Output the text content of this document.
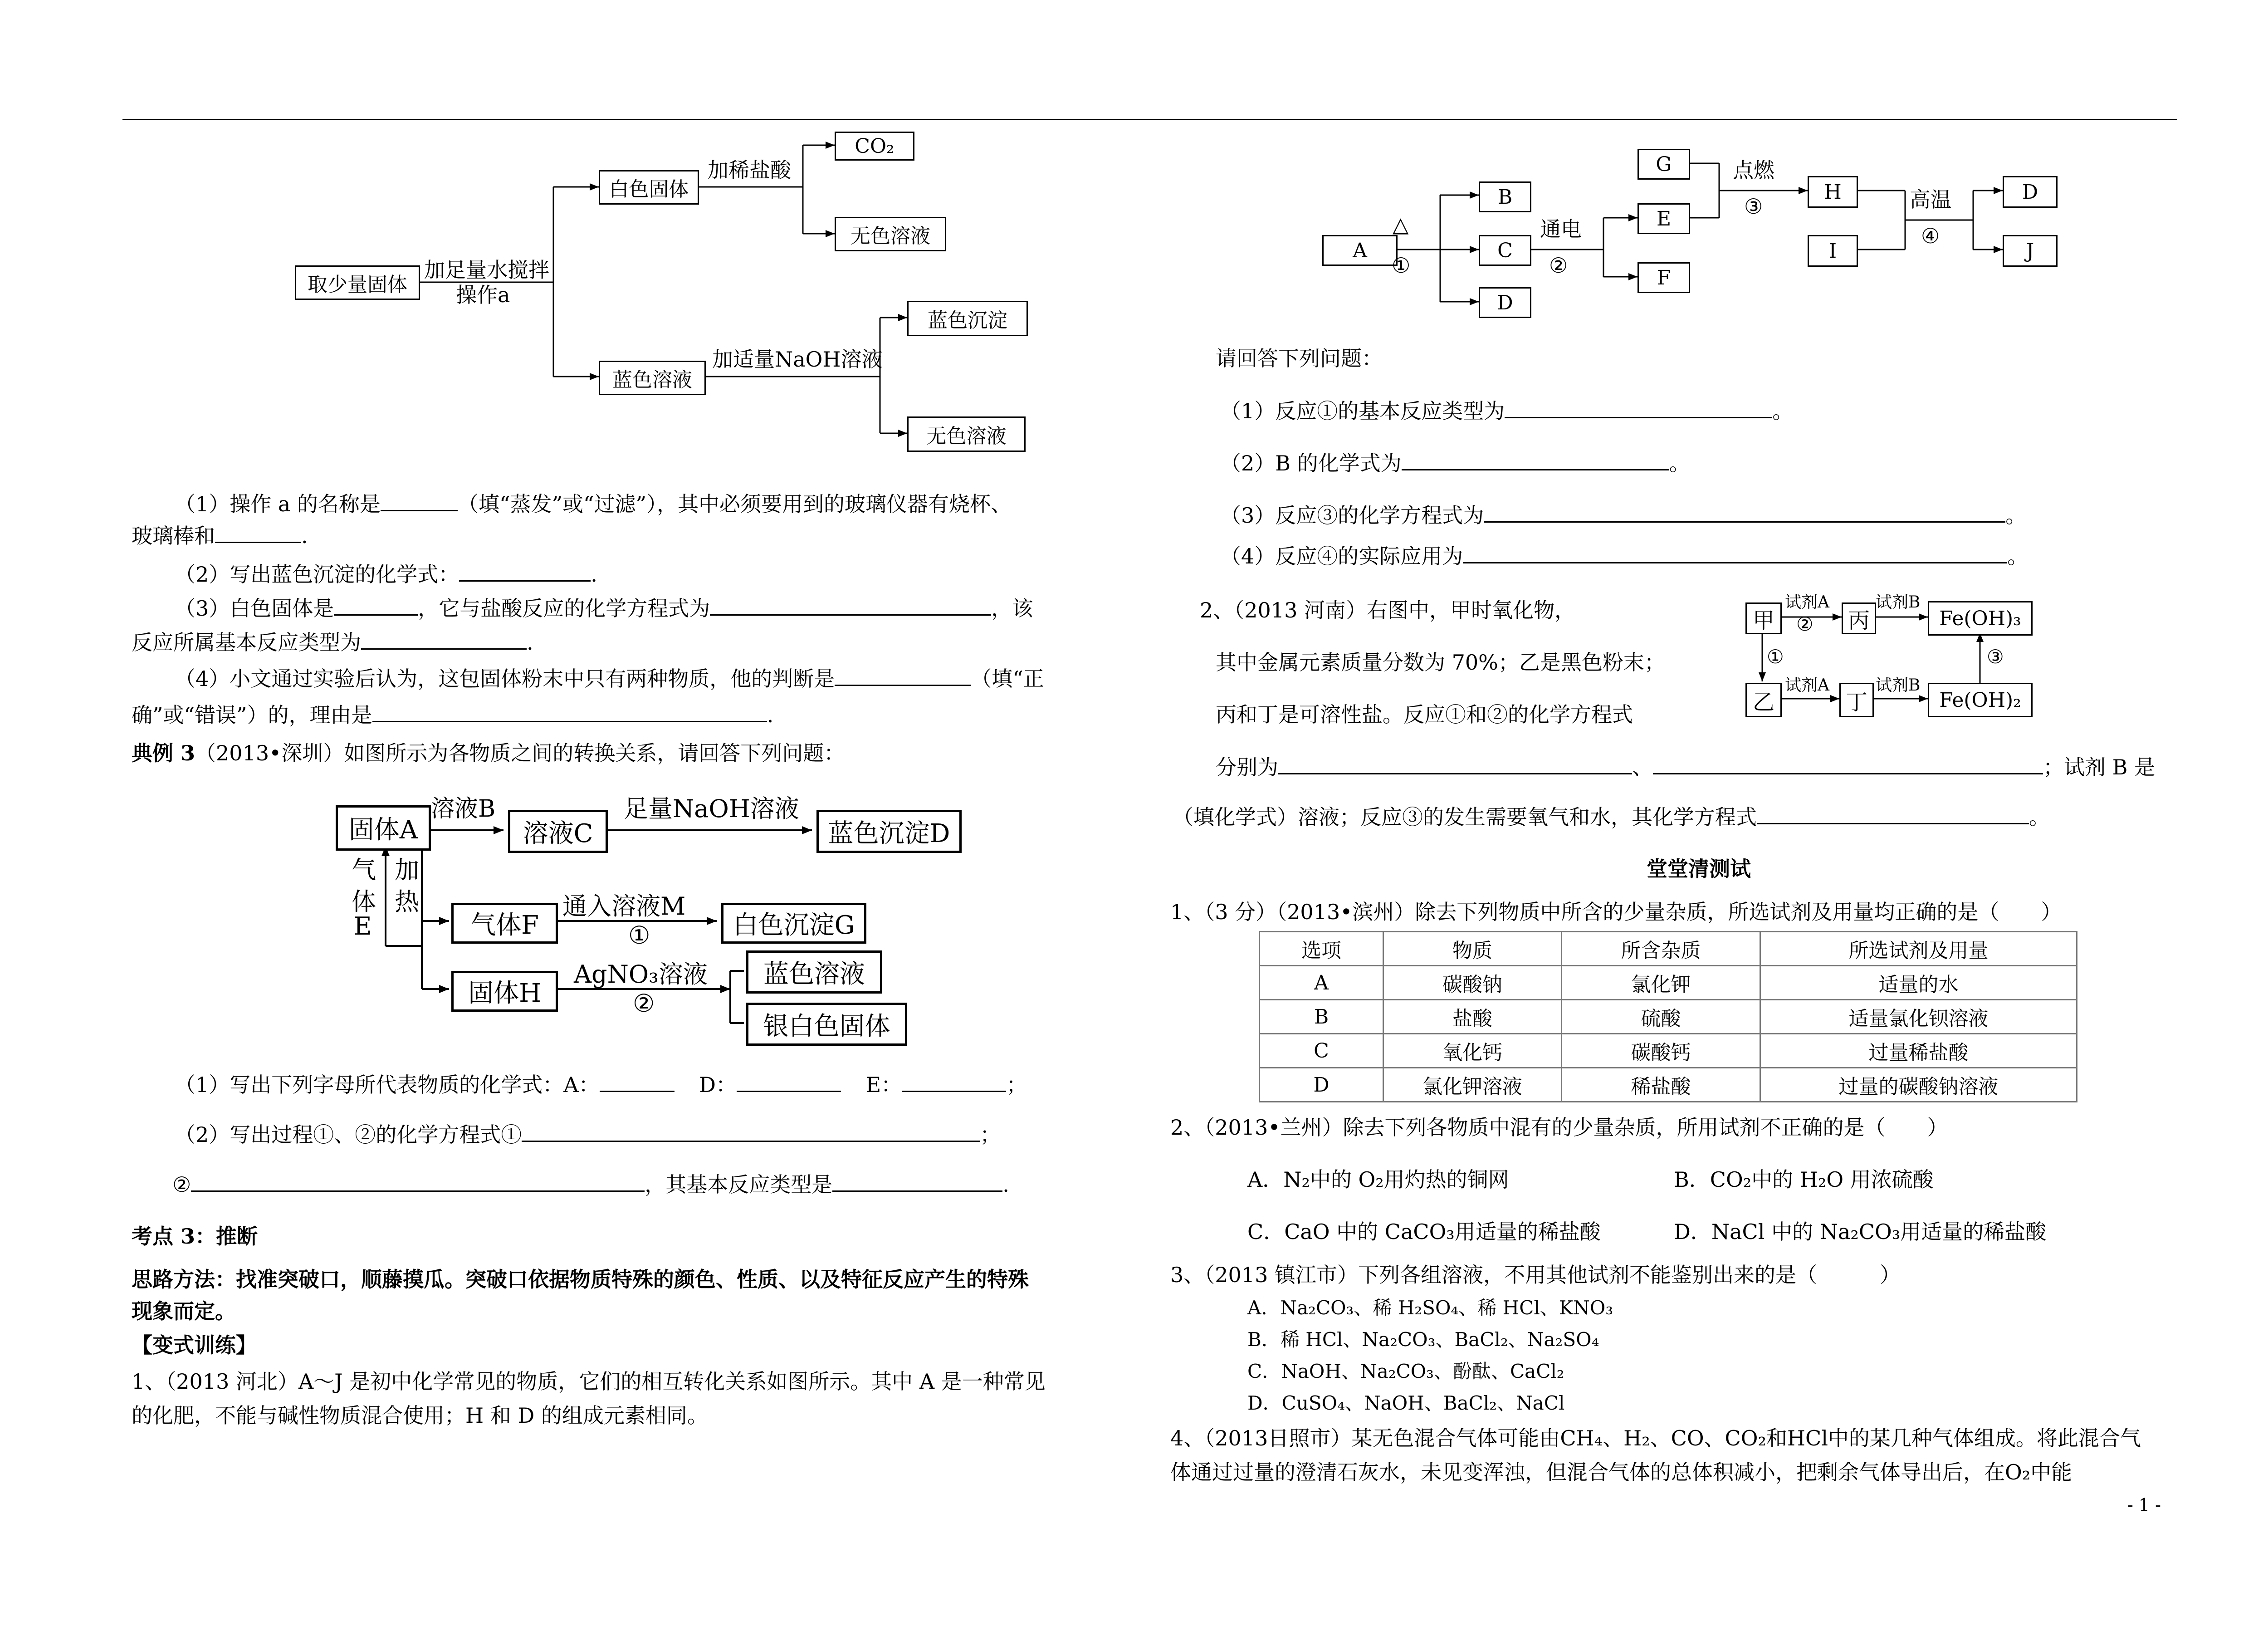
取少量固体
加足量水搅拌
操作a
白色固体
加稀盐酸
CO₂
无色溶液
蓝色溶液
加适量NaOH溶液
蓝色沉淀
无色溶液
（1）操作 a 的名称是	（填“蒸发”或“过滤”），其中必须要用到的玻璃仪器有烧杯、
玻璃棒和	.
（2）写出蓝色沉淀的化学式：	.
（3）白色固体是	，它与盐酸反应的化学方程式为	，该
反应所属基本反应类型为	.
（4）小文通过实验后认为，这包固体粉末中只有两种物质，他的判断是	（填“正
确”或“错误”）的，理由是	.
典例 3（2013•深圳）如图所示为各物质之间的转换关系，请回答下列问题：
固体A
溶液B
溶液C
足量NaOH溶液
蓝色沉淀D
气
体
E
加
热
气体F
通入溶液M
①	白色沉淀G
固体H
AgNO₃溶液
②
蓝色溶液
银白色固体
（1）写出下列字母所代表物质的化学式：A：	D：	E：	；
（2）写出过程①、②的化学方程式①	；
②	，其基本反应类型是	.
考点 3：推断
思路方法：找准突破口，顺藤摸瓜。突破口依据物质特殊的颜色、性质、以及特征反应产生的特殊
现象而定。
【变式训练】
1、（2013 河北）A～J 是初中化学常见的物质，它们的相互转化关系如图所示。其中 A 是一种常见
的化肥，不能与碱性物质混合使用；H 和 D 的组成元素相同。
A
△
①
B
C
D
通电
②
G
E
F
点燃
③
H
I
高温
④
D
J
请回答下列问题：
（1）反应①的基本反应类型为	。
（2）B 的化学式为	。
（3）反应③的化学方程式为	。
（4）反应④的实际应用为	。
2、（2013 河南）右图中，甲时氧化物，
其中金属元素质量分数为 70%；乙是黑色粉末；
丙和丁是可溶性盐。反应①和②的化学方程式
分别为	、	；试剂 B 是
（填化学式）溶液；反应③的发生需要氧气和水，其化学方程式	。
甲
试剂A
② 丙
试剂B
Fe(OH)₃
①	③
乙
试剂A
丁
试剂B
Fe(OH)₂
堂堂清测试
1、（3 分）（2013•滨州）除去下列物质中所含的少量杂质，所选试剂及用量均正确的是（　　）
选项	物质	所含杂质	所选试剂及用量
A	碳酸钠	氯化钾	适量的水
B	盐酸	硫酸	适量氯化钡溶液
C	氧化钙	碳酸钙	过量稀盐酸
D	氯化钾溶液	稀盐酸	过量的碳酸钠溶液
2、（2013•兰州）除去下列各物质中混有的少量杂质，所用试剂不正确的是（　　）
A．N₂中的 O₂用灼热的铜网	B．CO₂中的 H₂O 用浓硫酸
C．CaO 中的 CaCO₃用适量的稀盐酸	D．NaCl 中的 Na₂CO₃用适量的稀盐酸
3、（2013 镇江市）下列各组溶液，不用其他试剂不能鉴别出来的是（　　　）
A．Na₂CO₃、稀 H₂SO₄、稀 HCl、KNO₃
B．稀 HCl、Na₂CO₃、BaCl₂、Na₂SO₄
C．NaOH、Na₂CO₃、酚酞、CaCl₂
D．CuSO₄、NaOH、BaCl₂、NaCl
4、（2013日照市）某无色混合气体可能由CH₄、H₂、CO、CO₂和HCl中的某几种气体组成。将此混合气
体通过过量的澄清石灰水，未见变浑浊，但混合气体的总体积减小，把剩余气体导出后，在O₂中能
- 1 -
